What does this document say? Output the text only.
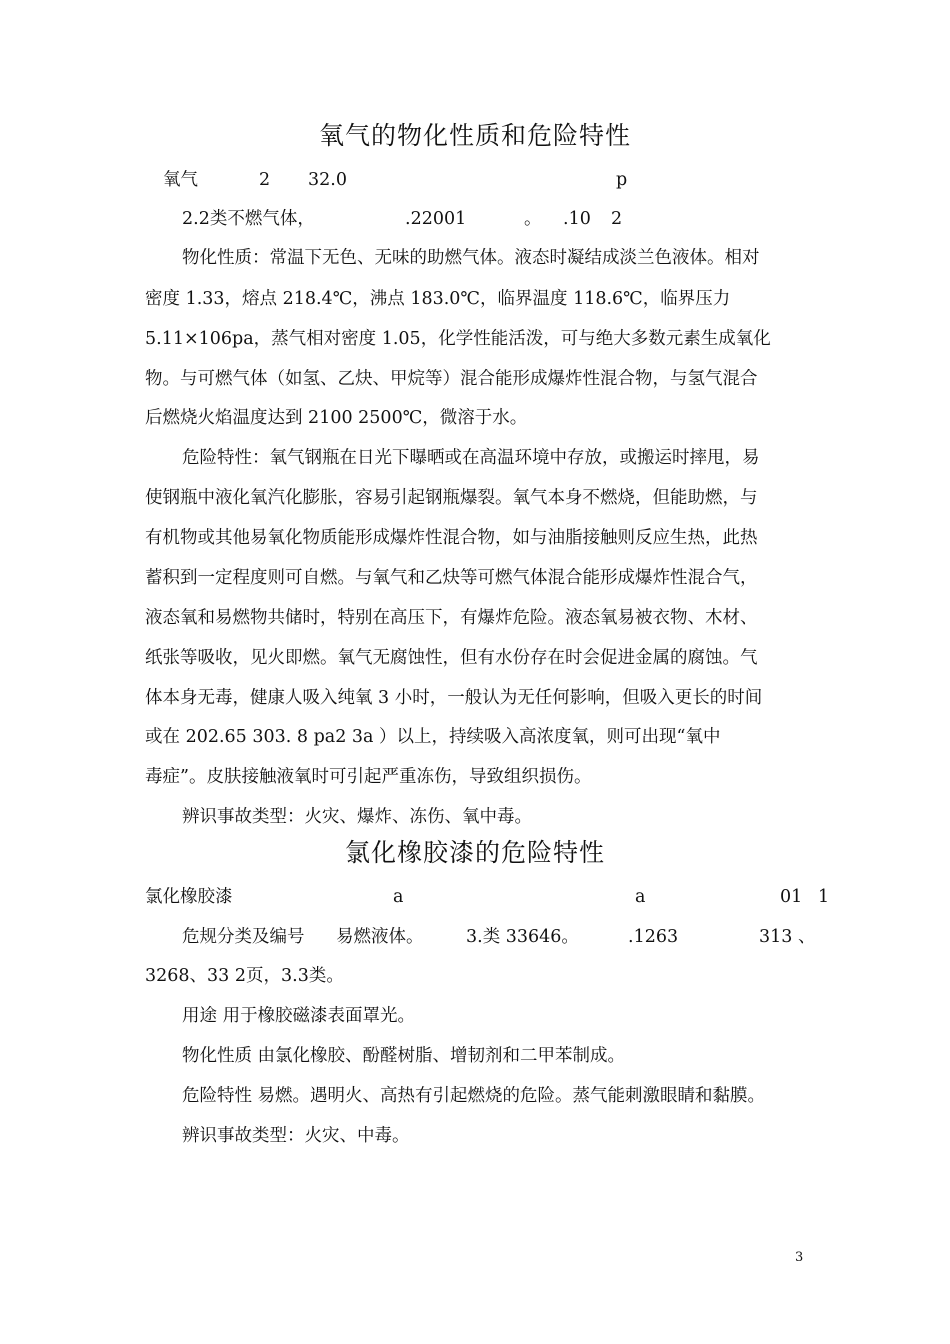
氧气的物化性质和危险特性
氧气	2 32.0	p
2.2类不燃气体，	.22001	。 .10 2
物化性质：常温下无色、无味的助燃气体。液态时凝结成淡兰色液体。相对
密度 1.33，熔点 218.4℃，沸点 183.0℃，临界温度 118.6℃，临界压力
5.11×106pa，蒸气相对密度 1.05，化学性能活泼，可与绝大多数元素生成氧化
物。与可燃气体（如氢、乙炔、甲烷等）混合能形成爆炸性混合物，与氢气混合
后燃烧火焰温度达到 2100 2500℃，微溶于水。
危险特性：氧气钢瓶在日光下曝晒或在高温环境中存放，或搬运时摔甩，易
使钢瓶中液化氧汽化膨胀，容易引起钢瓶爆裂。氧气本身不燃烧，但能助燃，与
有机物或其他易氧化物质能形成爆炸性混合物，如与油脂接触则反应生热，此热
蓄积到一定程度则可自燃。与氧气和乙炔等可燃气体混合能形成爆炸性混合气，
液态氧和易燃物共储时，特别在高压下，有爆炸危险。液态氧易被衣物、木材、
纸张等吸收，见火即燃。氧气无腐蚀性，但有水份存在时会促进金属的腐蚀。气
体本身无毒，健康人吸入纯氧 3 小时，一般认为无任何影响，但吸入更长的时间
或在 202.65 303. 8 pa2 3a ）以上，持续吸入高浓度氧，则可出现“氧中
毒症”。皮肤接触液氧时可引起严重冻伤，导致组织损伤。
辨识事故类型：火灾、爆炸、冻伤、氧中毒。
氯化橡胶漆的危险特性
氯化橡胶漆	a	a	01 1
危规分类及编号 易燃液体。 3.类 33646。	.1263	313 、
3268、33 2页，3.3类。
用途 用于橡胶磁漆表面罩光。
物化性质 由氯化橡胶、酚醛树脂、增韧剂和二甲苯制成。
危险特性 易燃。遇明火、高热有引起燃烧的危险。蒸气能刺激眼睛和黏膜。
辨识事故类型：火灾、中毒。
3
